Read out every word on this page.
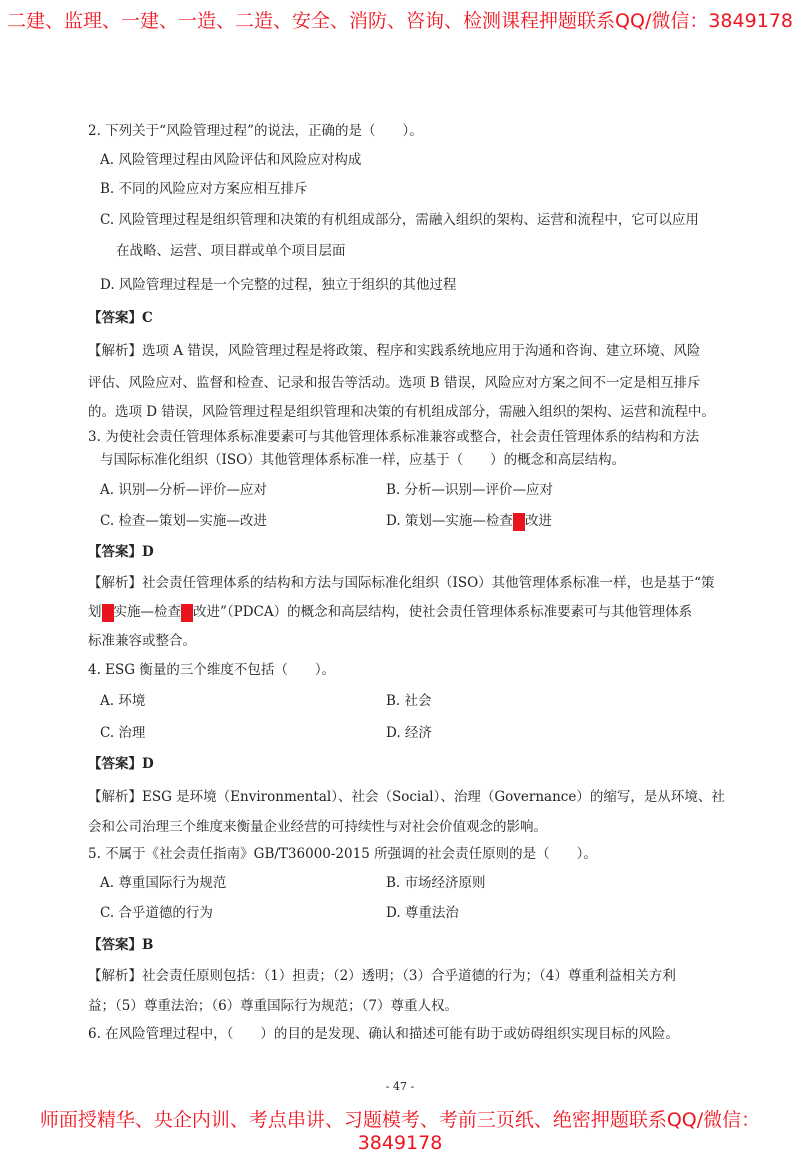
二建、监理、一建、一造、二造、安全、消防、咨询、检测课程押题联系QQ/微信：3849178
2. 下列关于“风险管理过程”的说法，正确的是（　　）。
A. 风险管理过程由风险评估和风险应对构成
B. 不同的风险应对方案应相互排斥
C. 风险管理过程是组织管理和决策的有机组成部分，需融入组织的架构、运营和流程中，它可以应用
在战略、运营、项目群或单个项目层面
D. 风险管理过程是一个完整的过程，独立于组织的其他过程
【答案】C
【解析】选项 A 错误，风险管理过程是将政策、程序和实践系统地应用于沟通和咨询、建立环境、风险
评估、风险应对、监督和检查、记录和报告等活动。选项 B 错误，风险应对方案之间不一定是相互排斥
的。选项 D 错误，风险管理过程是组织管理和决策的有机组成部分，需融入组织的架构、运营和流程中。
3. 为使社会责任管理体系标准要素可与其他管理体系标准兼容或整合，社会责任管理体系的结构和方法
与国际标准化组织（ISO）其他管理体系标准一样，应基于（　　）的概念和高层结构。
A. 识别—分析—评价—应对	B. 分析—识别—评价—应对
C. 检查—策划—实施—改进	D. 策划—实施—检查 改进
【答案】D
【解析】社会责任管理体系的结构和方法与国际标准化组织（ISO）其他管理体系标准一样，也是基于“策
划 实施—检查 改进”（PDCA）的概念和高层结构，使社会责任管理体系标准要素可与其他管理体系
标准兼容或整合。
4. ESG 衡量的三个维度不包括（　　）。
A. 环境	B. 社会
C. 治理	D. 经济
【答案】D
【解析】ESG 是环境（Environmental）、社会（Social）、治理（Governance）的缩写，是从环境、社
会和公司治理三个维度来衡量企业经营的可持续性与对社会价值观念的影响。
5. 不属于《社会责任指南》GB/T36000-2015 所强调的社会责任原则的是（　　）。
A. 尊重国际行为规范	B. 市场经济原则
C. 合乎道德的行为	D. 尊重法治
【答案】B
【解析】社会责任原则包括：（1）担责；（2）透明；（3）合乎道德的行为；（4）尊重利益相关方利
益；（5）尊重法治；（6）尊重国际行为规范；（7）尊重人权。
6. 在风险管理过程中，（　　）的目的是发现、确认和描述可能有助于或妨碍组织实现目标的风险。
- 47 -
师面授精华、央企内训、考点串讲、习题模考、考前三页纸、绝密押题联系QQ/微信：3849178
